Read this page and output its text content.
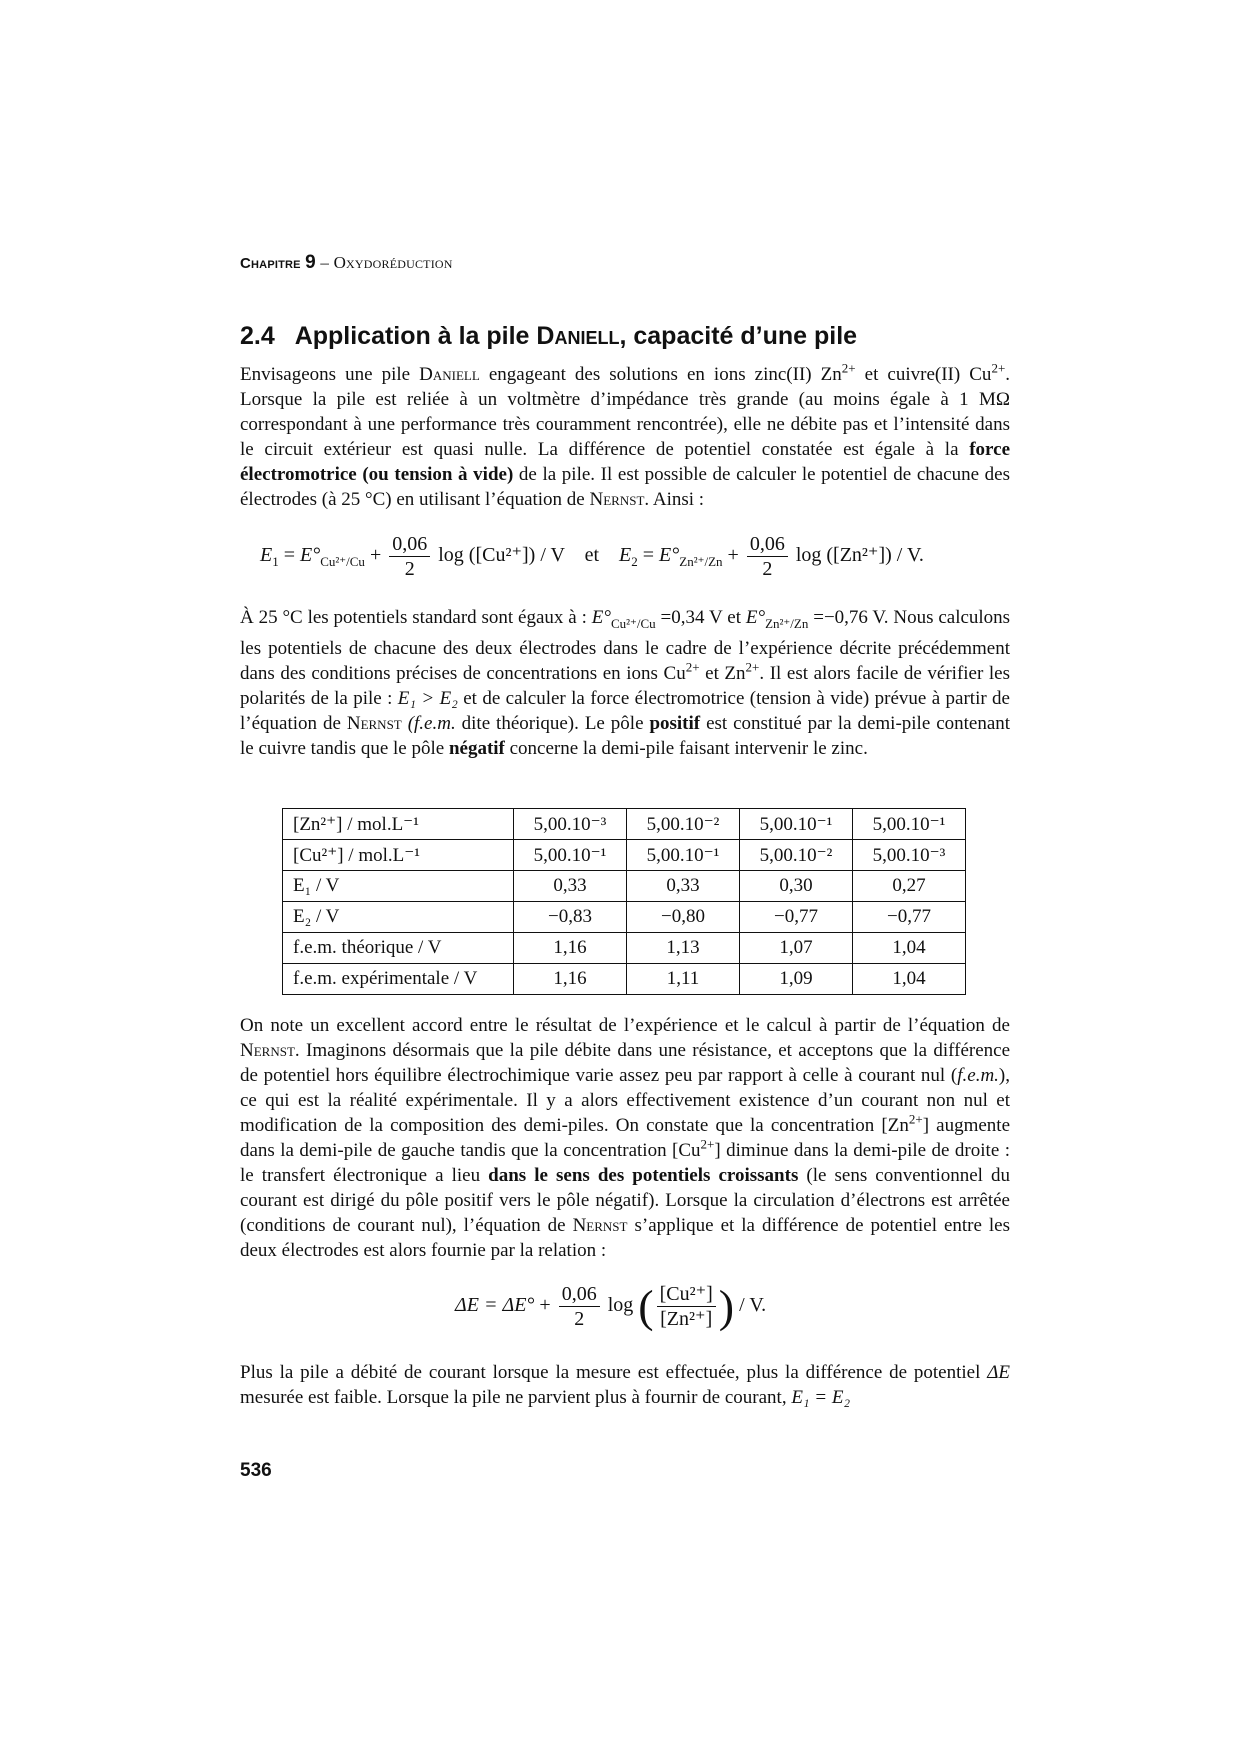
Chapitre 9 – Oxydoréduction
2.4 Application à la pile Daniell, capacité d’une pile
Envisageons une pile Daniell engageant des solutions en ions zinc(II) $Zn^{2+}$ et cuivre(II) $Cu^{2+}$. Lorsque la pile est reliée à un voltmètre d’impédance très grande (au moins égale à 1 MΩ correspondant à une performance très couramment rencontrée), elle ne débite pas et l’intensité dans le circuit extérieur est quasi nulle. La différence de potentiel constatée est égale à la force électromotrice (ou tension à vide) de la pile. Il est possible de calculer le potentiel de chacune des électrodes (à 25 °C) en utilisant l’équation de Nernst. Ainsi :
$E_1 = E^\circ_{Cu^{2+}/Cu} + \frac{0,06}{2}$ log ([Cu²⁺]) / V et $E_2 = E^\circ_{Zn^{2+}/Zn} + \frac{0,06}{2}$ log ([Zn²⁺]) / V.
À 25 °C les potentiels standard sont égaux à : $E^\circ_{Cu^{2+}/Cu} =0,34$ V et $E^\circ_{Zn^{2+}/Zn} =-0,76$ V. Nous calculons les potentiels de chacune des deux électrodes dans le cadre de l’expérience décrite précédemment dans des conditions précises de concentrations en ions $Cu^{2+}$ et $Zn^{2+}$. Il est alors facile de vérifier les polarités de la pile : E₁ > E₂ et de calculer la force électromotrice (tension à vide) prévue à partir de l’équation de Nernst (f.e.m. dite théorique). Le pôle positif est constitué par la demi-pile contenant le cuivre tandis que le pôle négatif concerne la demi-pile faisant intervenir le zinc.
[Zn²⁺] / mol.L⁻¹	5,00.10⁻³	5,00.10⁻²	5,00.10⁻¹	5,00.10⁻¹
[Cu²⁺] / mol.L⁻¹	5,00.10⁻¹	5,00.10⁻¹	5,00.10⁻²	5,00.10⁻³
E₁ / V	0,33	0,33	0,30	0,27
E₂ / V	−0,83	−0,80	−0,77	−0,77
f.e.m. théorique / V	1,16	1,13	1,07	1,04
f.e.m. expérimentale / V	1,16	1,11	1,09	1,04
On note un excellent accord entre le résultat de l’expérience et le calcul à partir de l’équation de Nernst. Imaginons désormais que la pile débite dans une résistance, et acceptons que la différence de potentiel hors équilibre électrochimique varie assez peu par rapport à celle à courant nul (f.e.m.), ce qui est la réalité expérimentale. Il y a alors effectivement existence d’un courant non nul et modification de la composition des demi-piles. On constate que la concentration $[Zn^{2+}]$ augmente dans la demi-pile de gauche tandis que la concentration $[Cu^{2+}]$ diminue dans la demi-pile de droite : le transfert électronique a lieu dans le sens des potentiels croissants (le sens conventionnel du courant est dirigé du pôle positif vers le pôle négatif). Lorsque la circulation d’électrons est arrêtée (conditions de courant nul), l’équation de Nernst s’applique et la différence de potentiel entre les deux électrodes est alors fournie par la relation :
$\Delta E = \Delta E^\circ + \frac{0,06}{2}$ log ( $\frac{\text{[Cu²⁺]}}{\text{[Zn²⁺]}}$ ) / V.
Plus la pile a débité de courant lorsque la mesure est effectuée, plus la différence de potentiel ΔE mesurée est faible. Lorsque la pile ne parvient plus à fournir de courant, E₁ = E₂
536
